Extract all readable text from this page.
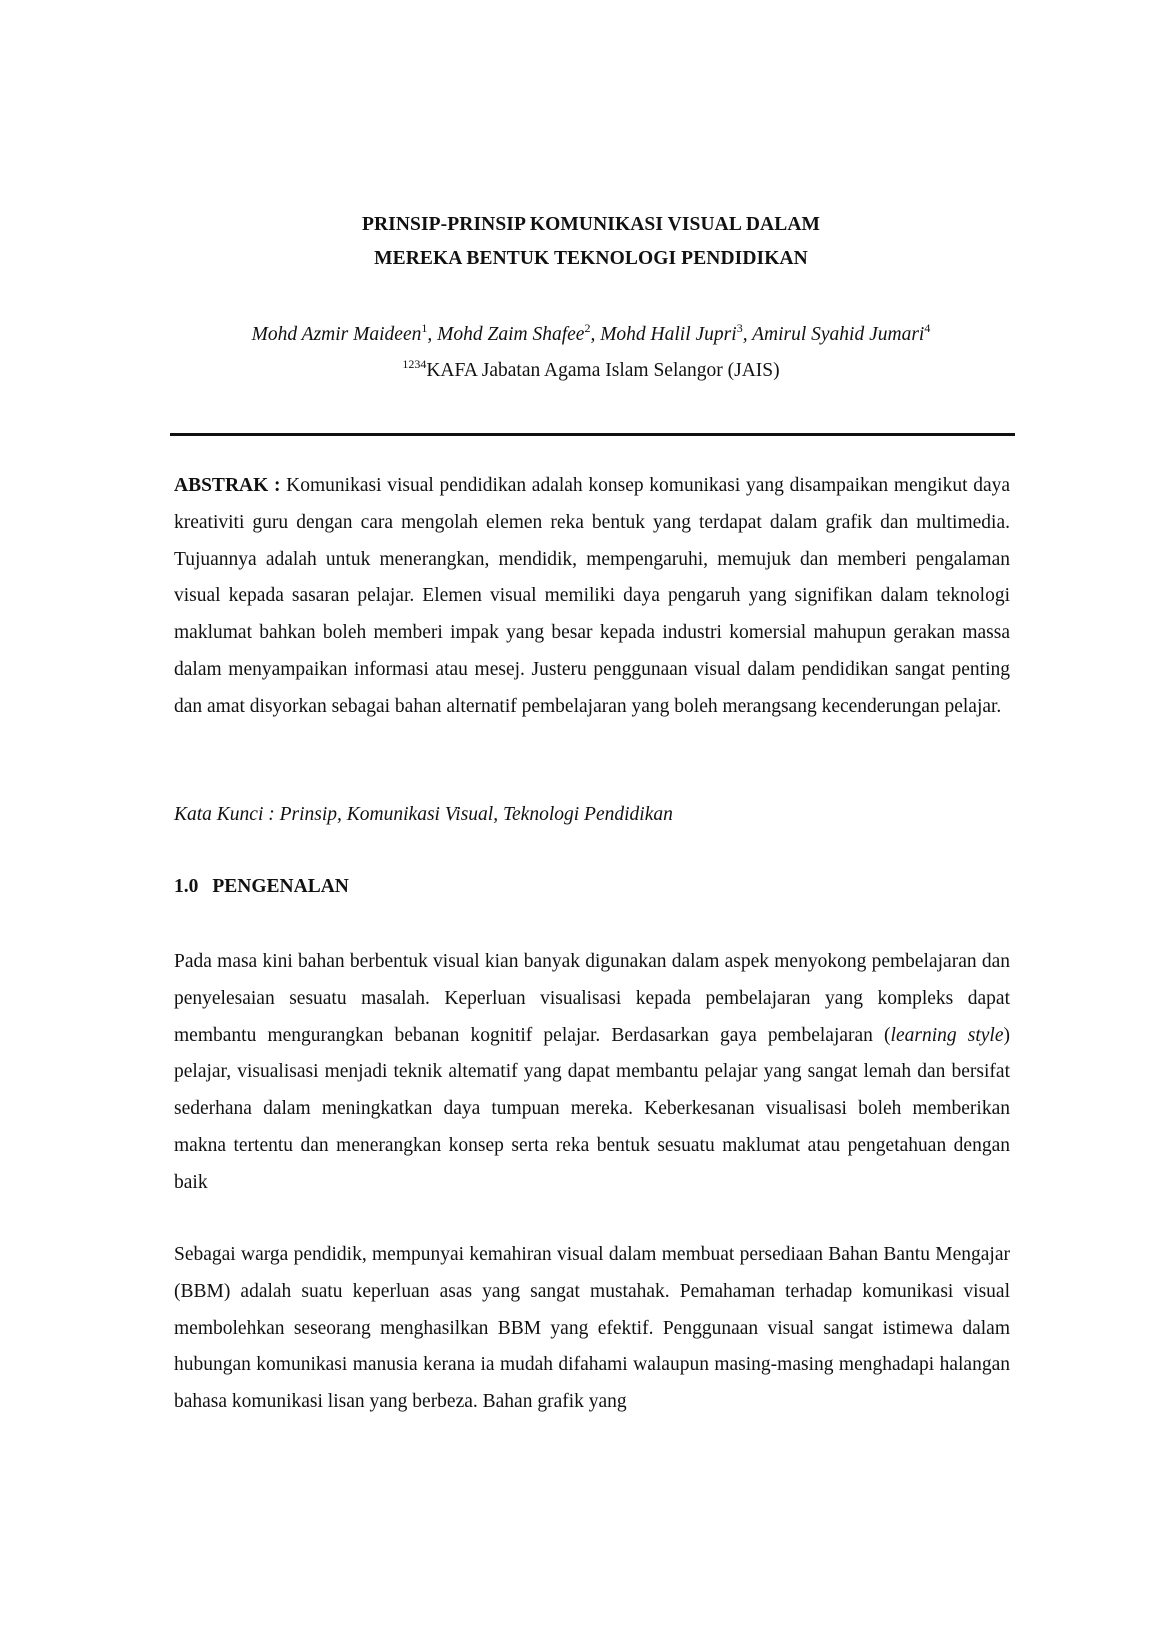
PRINSIP-PRINSIP KOMUNIKASI VISUAL DALAM
MEREKA BENTUK TEKNOLOGI PENDIDIKAN
Mohd Azmir Maideen$^1$, Mohd Zaim Shafee$^2$, Mohd Halil Jupri$^3$, Amirul Syahid Jumari$^4$
$^{1234}$KAFA Jabatan Agama Islam Selangor (JAIS)

ABSTRAK : Komunikasi visual pendidikan adalah konsep komunikasi yang disampaikan mengikut daya kreativiti guru dengan cara mengolah elemen reka bentuk yang terdapat dalam grafik dan multimedia. Tujuannya adalah untuk menerangkan, mendidik, mempengaruhi, memujuk dan memberi pengalaman visual kepada sasaran pelajar. Elemen visual memiliki daya pengaruh yang signifikan dalam teknologi maklumat bahkan boleh memberi impak yang besar kepada industri komersial mahupun gerakan massa dalam menyampaikan informasi atau mesej. Justeru penggunaan visual dalam pendidikan sangat penting dan amat disyorkan sebagai bahan alternatif pembelajaran yang boleh merangsang kecenderungan pelajar.

Kata Kunci : Prinsip, Komunikasi Visual, Teknologi Pendidikan
1.0 PENGENALAN

Pada masa kini bahan berbentuk visual kian banyak digunakan dalam aspek menyokong pembelajaran dan penyelesaian sesuatu masalah. Keperluan visualisasi kepada pembelajaran yang kompleks dapat membantu mengurangkan bebanan kognitif pelajar. Berdasarkan gaya pembelajaran (learning style) pelajar, visualisasi menjadi teknik altematif yang dapat membantu pelajar yang sangat lemah dan bersifat sederhana dalam meningkatkan daya tumpuan mereka. Keberkesanan visualisasi boleh memberikan makna tertentu dan menerangkan konsep serta reka bentuk sesuatu maklumat atau pengetahuan dengan baik

Sebagai warga pendidik, mempunyai kemahiran visual dalam membuat persediaan Bahan Bantu Mengajar (BBM) adalah suatu keperluan asas yang sangat mustahak. Pemahaman terhadap komunikasi visual membolehkan seseorang menghasilkan BBM yang efektif. Penggunaan visual sangat istimewa dalam hubungan komunikasi manusia kerana ia mudah difahami walaupun masing-masing menghadapi halangan bahasa komunikasi lisan yang berbeza. Bahan grafik yang
